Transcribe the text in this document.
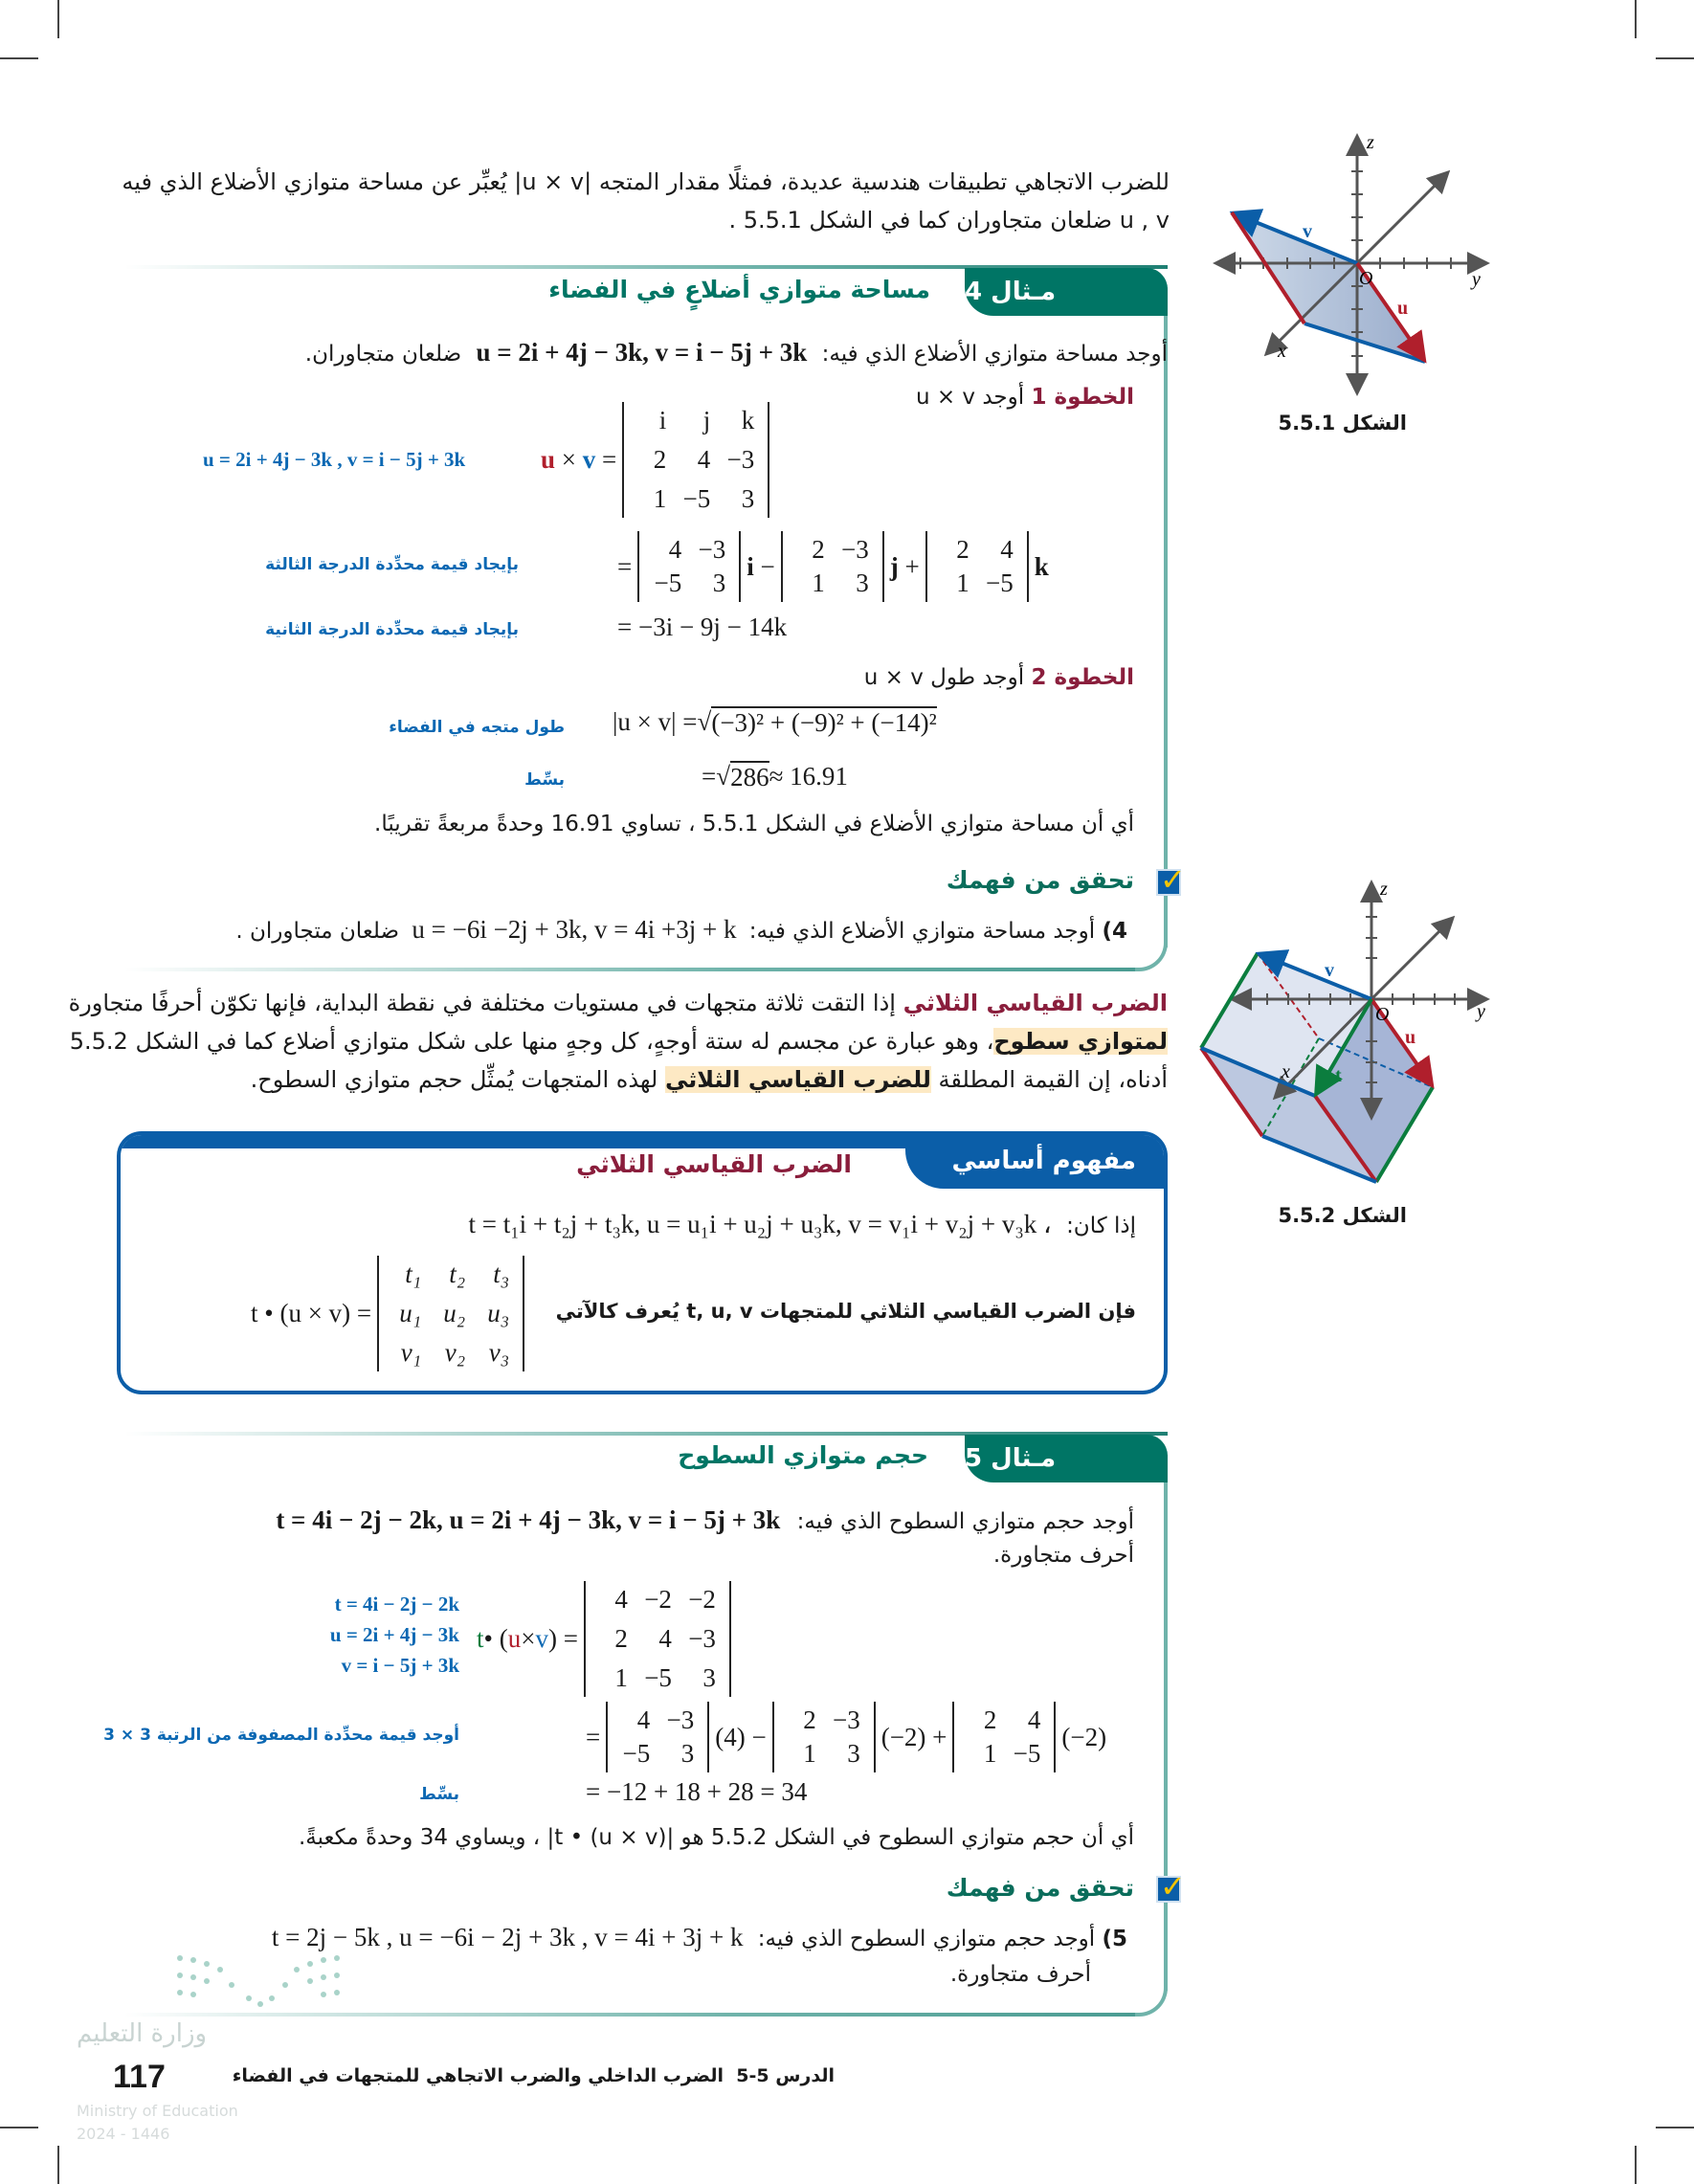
للضرب الاتجاهي تطبيقات هندسية عديدة، فمثلًا مقدار المتجه |u × v| يُعبِّر عن مساحة متوازي الأضلاع الذي فيه
u , v ضلعان متجاوران كما في الشكل 5.5.1 .
z
y
x
O
v
u
الشكل 5.5.1
مـثال 4
مساحة متوازي أضلاعٍ في الفضاء
أوجد مساحة متوازي الأضلاع الذي فيه: u = 2i + 4j − 3k, v = i − 5j + 3k ضلعان متجاوران.
الخطوة 1 أوجد u × v
u = 2i + 4j − 3k , v = i − 5j + 3k	u
×
v =
i	j	k
2	4 −3
1 −5	3
بإيجاد قيمة محدِّدة الدرجة الثالثة	=
4 −3
−5	3
i −
2 −3
1	3
j +
2	4
1 −5
k
بإيجاد قيمة محدِّدة الدرجة الثانية	= −3i − 9j − 14k
الخطوة 2 أوجد طول u × v
طول متجه في الفضاء |u × v| = √ (−3)² + (−9)² + (−14)²
بسِّط	= √ 286 ≈ 16.91
أي أن مساحة متوازي الأضلاع في الشكل 5.5.1 ، تساوي 16.91 وحدةً مربعةً تقريبًا.
✓
تحقق من فهمك
4) أوجد مساحة متوازي الأضلاع الذي فيه: u = −6i −2j + 3k, v = 4i +3j + k ضلعان متجاوران .
الضرب القياسي الثلاثي إذا التقت ثلاثة متجهات في مستويات مختلفة في نقطة البداية، فإنها تكوّن أحرفًا متجاورة
لمتوازي سطوح، وهو عبارة عن مجسم له ستة أوجهٍ، كل وجهٍ منها على شكل متوازي أضلاع كما في الشكل 5.5.2
أدناه، إن القيمة المطلقة للضرب القياسي الثلاثي لهذه المتجهات يُمثِّل حجم متوازي السطوح.
z
y
x
O
v
u
t
الشكل 5.5.2
مفهوم أساسي
الضرب القياسي الثلاثي
إذا كان: t = t₁i + t₂j + t₃k, u = u₁i + u₂j + u₃k, v = v₁i + v₂j + v₃k ،
فإن الضرب القياسي الثلاثي للمتجهات t, u, v يُعرف كالآتي
t • (u × v) =
t₁	t₂	t₃
u₁ u₂ u₃
v₁ v₂ v₃
مـثال 5
حجم متوازي السطوح
أوجد حجم متوازي السطوح الذي فيه: t = 4i − 2j − 2k, u = 2i + 4j − 3k, v = i − 5j + 3k
أحرف متجاورة.
t = 4i − 2j − 2k
u = 2i + 4j − 3k
v = i − 5j + 3k
t • ( u × v ) =
4 −2 −2
2	4 −3
1 −5	3
أوجد قيمة محدِّدة المصفوفة من الرتبة 3 × 3	=
4 −3
−5	3
(4) −
2 −3
1	3
(−2) +
2	4
1 −5
(−2)
بسِّط	= −12 + 18 + 28 = 34
أي أن حجم متوازي السطوح في الشكل 5.5.2 هو |t • (u × v)| ، ويساوي 34 وحدةً مكعبةً.
✓
تحقق من فهمك
5) أوجد حجم متوازي السطوح الذي فيه: t = 2j − 5k , u = −6i − 2j + 3k , v = 4i + 3j + k
أحرف متجاورة.
وزارة التعليم
Ministry of Education
2024 - 1446
117	الدرس 5-5  الضرب الداخلي والضرب الاتجاهي للمتجهات في الفضاء
